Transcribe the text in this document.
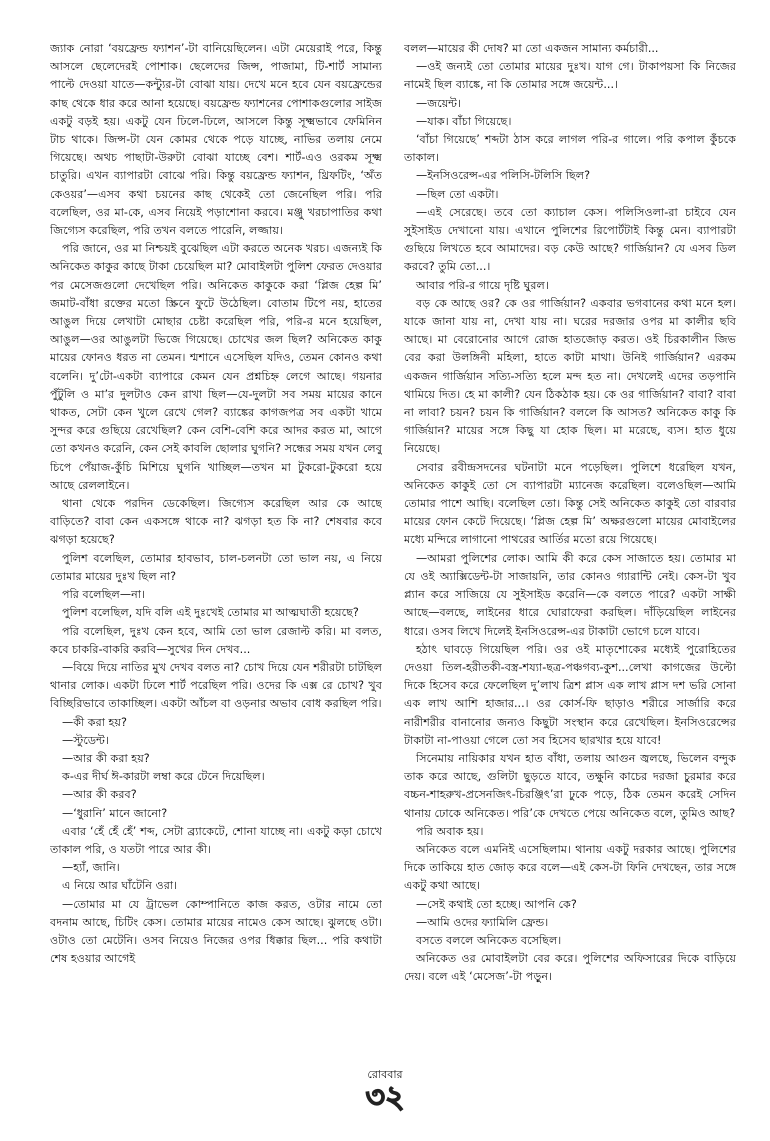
জ্যাক নোরা ‘বয়ফ্রেন্ড ফ্যাশন’-টা বানিয়েছিলেন। এটা মেয়েরাই পরে, কিন্তু আসলে ছেলেদেরই পোশাক। ছেলেদের জিন্স, পাজামা, টি-শার্ট সামান্য পাল্টে দেওয়া যাতে—কন্ট্যুর-টা বোঝা যায়। দেখে মনে হবে যেন বয়ফ্রেন্ডের কাছ থেকে ধার করে আনা হয়েছে। বয়ফ্রেন্ড ফ্যাশনের পোশাকগুলোর সাইজ একটু বড়ই হয়। একটু যেন ঢিলে-ঢিলে, আসলে কিন্তু সূক্ষ্মভাবে ফেমিনিন টাচ থাকে। জিন্স-টা যেন কোমর থেকে পড়ে যাচ্ছে, নাভির তলায় নেমে গিয়েছে। অথচ পাছাটা-উরুটা বোঝা যাচ্ছে বেশ। শার্ট-এও ওরকম সূক্ষ্ম চাতুরি। এখন ব্যাপারটা বোঝে পরি। কিন্তু বয়ফ্রেন্ড ফ্যাশন, থ্রিফটিং, ‘অঁত কেওয়র’—এসব কথা চয়নের কাছ থেকেই তো জেনেছিল পরি। পরি বলেছিল, ওর মা-কে, এসব নিয়েই পড়াশোনা করবে। মঞ্জু খরচাপাতির কথা জিগ্যেস করেছিল, পরি তখন বলতে পারেনি, লজ্জায়।

পরি জানে, ওর মা নিশ্চয়ই বুঝেছিল এটা করতে অনেক খরচ। এজন্যই কি অনিকেত কাকুর কাছে টাকা চেয়েছিল মা? মোবাইলটা পুলিশ ফেরত দেওয়ার পর মেসেজগুলো দেখেছিল পরি। অনিকেত কাকুকে করা ‘প্লিজ হেল্প মি’ জমাট-বাঁধা রক্তের মতো স্ক্রিনে ফুটে উঠেছিল। বোতাম টিপে নয়, হাতের আঙুল দিয়ে লেখাটা মোছার চেষ্টা করেছিল পরি, পরি-র মনে হয়েছিল, আঙুল—ওর আঙুলটা ভিজে গিয়েছে। চোখের জল ছিল? অনিকেত কাকু মায়ের ফোনও ধরত না তেমন। শ্মশানে এসেছিল যদিও, তেমন কোনও কথা বলেনি। দু’টো-একটা ব্যাপারে কেমন যেন প্রশ্নচিহ্ন লেগে আছে। গয়নার পুঁটুলি ও মা’র দুলটাও কেন রাখা ছিল—যে-দুলটা সব সময় মায়ের কানে থাকত, সেটা কেন খুলে রেখে গেল? ব্যাঙ্কের কাগজপত্র সব একটা খামে সুন্দর করে গুছিয়ে রেখেছিল? কেন বেশি-বেশি করে আদর করত মা, আগে তো কখনও করেনি, কেন সেই কাবলি ছোলার ঘুগনি? সন্ধের সময় যখন লেবু চিপে পেঁয়াজ-কুঁচি মিশিয়ে ঘুগনি খাচ্ছিল—তখন মা টুকরো-টুকরো হয়ে আছে রেললাইনে।

থানা থেকে পরদিন ডেকেছিল। জিগ্যেস করেছিল আর কে আছে বাড়িতে? বাবা কেন একসঙ্গে থাকে না? ঝগড়া হত কি না? শেষবার কবে ঝগড়া হয়েছে?

পুলিশ বলেছিল, তোমার হাবভাব, চাল-চলনটা তো ভাল নয়, এ নিয়ে তোমার মায়ের দুঃখ ছিল না?

পরি বলেছিল—না।

পুলিশ বলেছিল, যদি বলি এই দুঃখেই তোমার মা আত্মঘাতী হয়েছে?

পরি বলেছিল, দুঃখ কেন হবে, আমি তো ভাল রেজাল্ট করি। মা বলত, কবে চাকরি-বাকরি করবি—সুখের দিন দেখব...

—বিয়ে দিয়ে নাতির মুখ দেখব বলত না? চোখ দিয়ে যেন শরীরটা চাটছিল থানার লোক। একটা ঢিলে শার্ট পরেছিল পরি। ওদের কি এক্স রে চোখ? খুব বিচ্ছিরিভাবে তাকাচ্ছিল। একটা আঁচল বা ওড়নার অভাব বোধ করছিল পরি।

—কী করা হয়?

—স্টুডেন্ট।

—আর কী করা হয়?

ক-এর দীর্ঘ ঈ-কারটা লম্বা করে টেনে দিয়েছিল।

—আর কী করব?

—‘ধুরানি’ মানে জানো?

এবার ‘হেঁ হেঁ হেঁ’ শব্দ, সেটা ব্র্যাকেটে, শোনা যাচ্ছে না। একটু কড়া চোখে তাকাল পরি, ও যতটা পারে আর কী।

—হ্যাঁ, জানি।

এ নিয়ে আর ঘাঁটেনি ওরা।

—তোমার মা যে ট্রাভেল কোম্পানিতে কাজ করত, ওটার নামে তো বদনাম আছে, চিটিং কেস। তোমার মায়ের নামেও কেস আছে। ঝুলছে ওটা। ওটাও তো মেটেনি। ওসব নিয়েও নিজের ওপর ধিক্কার ছিল... পরি কথাটা শেষ হওয়ার আগেই

বলল—মায়ের কী দোষ? মা তো একজন সামান্য কর্মচারী...

—ওই জন্যই তো তোমার মায়ের দুঃখ। যাগ গে। টাকাপয়সা কি নিজের নামেই ছিল ব্যাঙ্কে, না কি তোমার সঙ্গে জয়েন্ট...।

—জয়েন্ট।

—যাক। বাঁচা গিয়েছে।

‘বাঁচা গিয়েছে’ শব্দটা ঠাস করে লাগল পরি-র গালে। পরি কপাল কুঁচকে তাকাল।

—ইনসিওরেন্স-এর পলিসি-টলিসি ছিল?

—ছিল তো একটা।

—এই সেরেছে। তবে তো ক্যাচাল কেস। পলিসিওলা-রা চাইবে যেন সুইসাইড দেখানো যায়। এখানে পুলিশের রিপোর্টটাই কিন্তু মেন। ব্যাপারটা গুছিয়ে লিখতে হবে আমাদের। বড় কেউ আছে? গার্জিয়ান? যে এসব ডিল করবে? তুমি তো...।

আবার পরি-র গায়ে দৃষ্টি ঘুরল।

বড় কে আছে ওর? কে ওর গার্জিয়ান? একবার ভগবানের কথা মনে হল। যাকে জানা যায় না, দেখা যায় না। ঘরের দরজার ওপর মা কালীর ছবি আছে। মা বেরোনোর আগে রোজ হাতজোড় করত। ওই চিরকালীন জিভ বের করা উলঙ্গিনী মহিলা, হাতে কাটা মাথা। উনিই গার্জিয়ান? এরকম একজন গার্জিয়ান সত্যি-সত্যি হলে মন্দ হত না। দেখলেই এদের তড়পানি থামিয়ে দিত। হে মা কালী? যেন ঠিকঠাক হয়। কে ওর গার্জিয়ান? বাবা? বাবা না লাবা? চয়ন? চয়ন কি গার্জিয়ান? বললে কি আসত? অনিকেত কাকু কি গার্জিয়ান? মায়ের সঙ্গে কিছু যা হোক ছিল। মা মরেছে, ব্যস। হাত ধুয়ে নিয়েছে।

সেবার রবীন্দ্রসদনের ঘটনাটা মনে পড়েছিল। পুলিশে ধরেছিল যখন, অনিকেত কাকুই তো সে ব্যাপারটা ম্যানেজ করেছিল। বলেওছিল—আমি তোমার পাশে আছি। বলেছিল তো। কিন্তু সেই অনিকেত কাকুই তো বারবার মায়ের ফোন কেটে দিয়েছে। ‘প্লিজ হেল্প মি’ অক্ষরগুলো মায়ের মোবাইলের মধ্যে মন্দিরে লাগানো পাথরের আর্তির মতো রয়ে গিয়েছে।

—আমরা পুলিশের লোক। আমি কী করে কেস সাজাতে হয়। তোমার মা যে ওই অ্যাক্সিডেন্ট-টা সাজায়নি, তার কোনও গ্যারান্টি নেই। কেস-টা খুব প্ল্যান করে সাজিয়ে যে সুইসাইড করেনি—কে বলতে পারে? একটা সাক্ষী আছে—বলছে, লাইনের ধারে ঘোরাফেরা করছিল। দাঁড়িয়েছিল লাইনের ধারে। ওসব লিখে দিলেই ইনসিওরেন্স-এর টাকাটা ভোগে চলে যাবে।

হঠাৎ ঘাবড়ে গিয়েছিল পরি। ওর ওই মাতৃশোকের মধ্যেই পুরোহিতের দেওয়া তিল-হরীতকী-বস্ত্র-শয্যা-ছত্র-পঞ্চগব্য-কুশ...লেখা কাগজের উল্টো দিকে হিসেব করে ফেলেছিল দু’লাখ ত্রিশ প্লাস এক লাখ প্লাস দশ ভরি সোনা এক লাখ আশি হাজার...। ওর কোর্স-ফি ছাড়াও শরীরে সার্জারি করে নারীশরীর বানানোর জন্যও কিছুটা সংস্থান করে রেখেছিল। ইনসিওরেন্সের টাকাটা না-পাওয়া গেলে তো সব হিসেব ছারখার হয়ে যাবে!

সিনেমায় নায়িকার যখন হাত বাঁধা, তলায় আগুন জ্বলছে, ভিলেন বন্দুক তাক করে আছে, গুলিটা ছুড়তে যাবে, তক্ষুনি কাচের দরজা চুরমার করে বচ্চন-শাহরুখ-প্রসেনজিৎ-চিরঞ্জিৎ’রা ঢুকে পড়ে, ঠিক তেমন করেই সেদিন থানায় ঢোকে অনিকেত। পরি’কে দেখতে পেয়ে অনিকেত বলে, তুমিও আছ?

পরি অবাক হয়।

অনিকেত বলে এমনিই এসেছিলাম। থানায় একটু দরকার আছে। পুলিশের দিকে তাকিয়ে হাত জোড় করে বলে—এই কেস-টা ফিনি দেখছেন, তার সঙ্গে একটু কথা আছে।

—সেই কথাই তো হচ্ছে। আপনি কে?

—আমি ওদের ফ্যামিলি ফ্রেন্ড।

বসতে বললে অনিকেত বসেছিল।

অনিকেত ওর মোবাইলটা বের করে। পুলিশের অফিসারের দিকে বাড়িয়ে দেয়। বলে এই ‘মেসেজ’-টা পড়ুন।

রোববার
৩২
